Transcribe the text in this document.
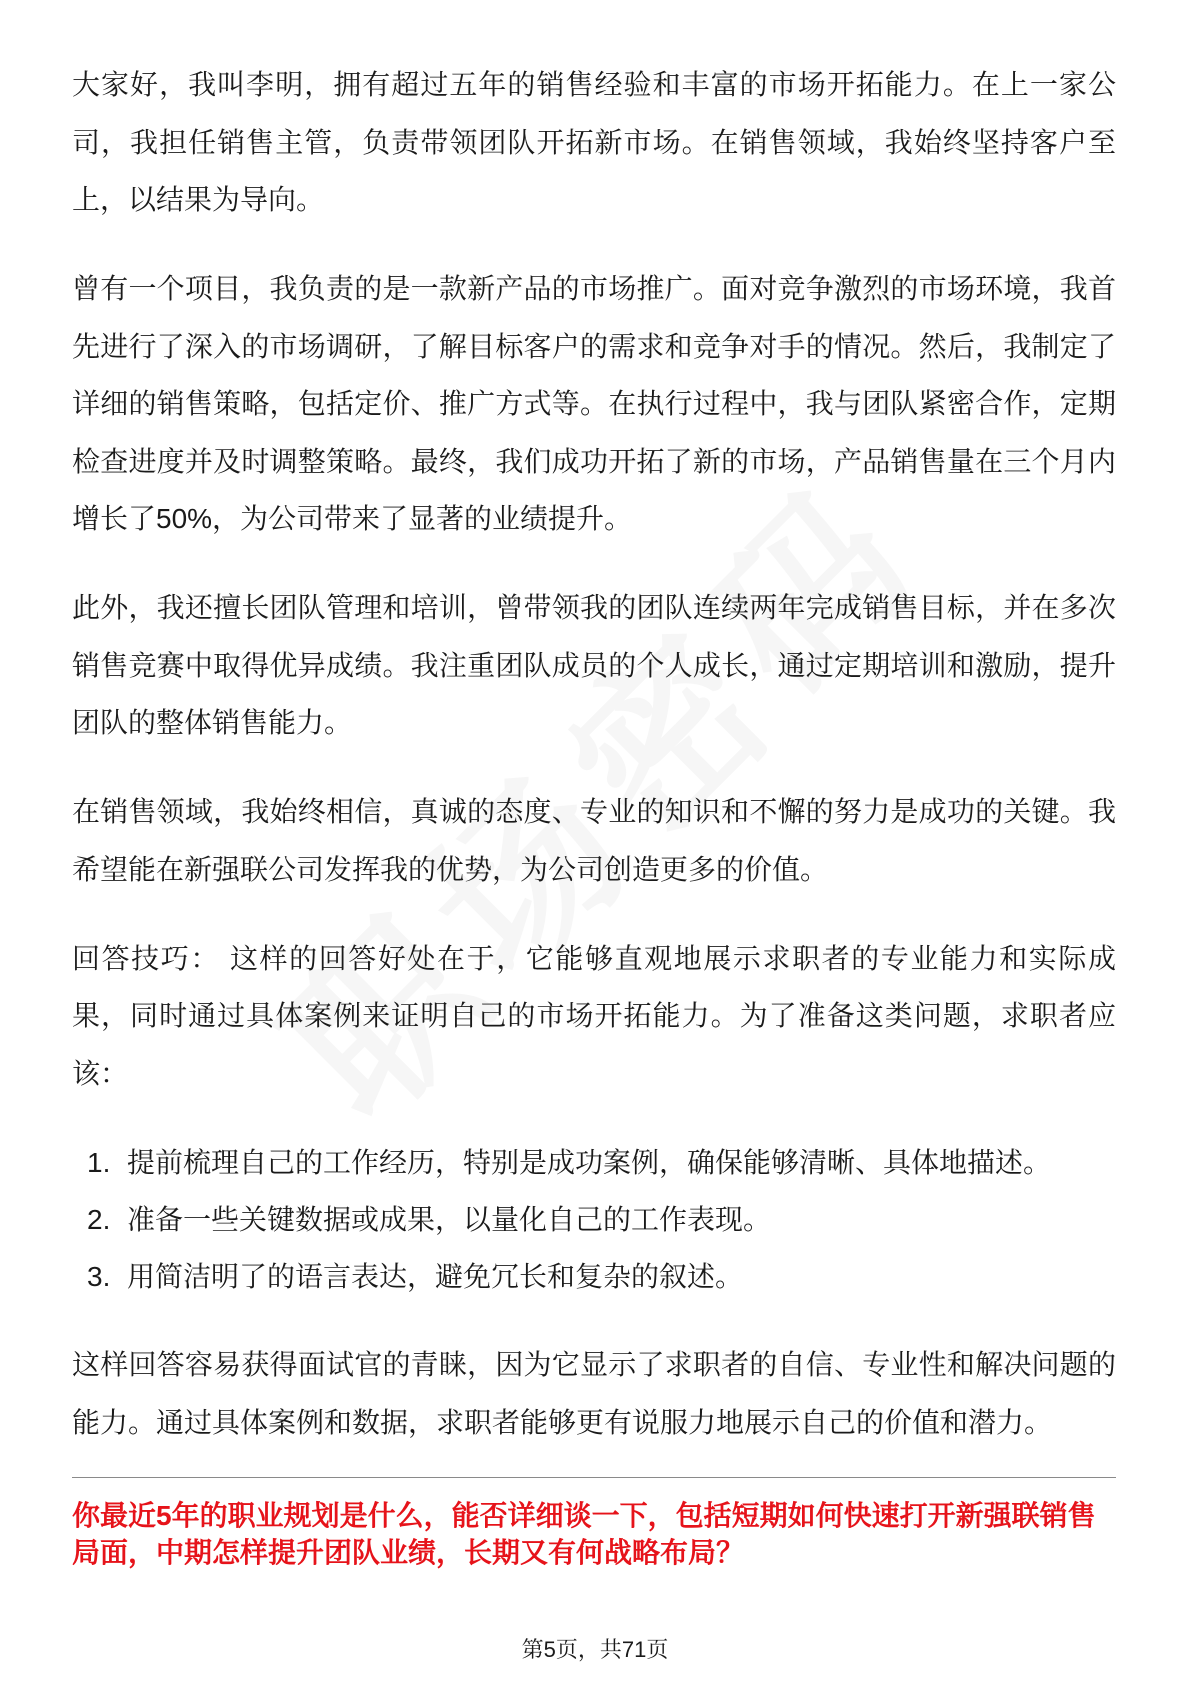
大家好，我叫李明，拥有超过五年的销售经验和丰富的市场开拓能力。在上一家公司，我担任销售主管，负责带领团队开拓新市场。在销售领域，我始终坚持客户至上，以结果为导向。

曾有一个项目，我负责的是一款新产品的市场推广。面对竞争激烈的市场环境，我首先进行了深入的市场调研，了解目标客户的需求和竞争对手的情况。然后，我制定了详细的销售策略，包括定价、推广方式等。在执行过程中，我与团队紧密合作，定期检查进度并及时调整策略。最终，我们成功开拓了新的市场，产品销售量在三个月内增长了50%，为公司带来了显著的业绩提升。

此外，我还擅长团队管理和培训，曾带领我的团队连续两年完成销售目标，并在多次销售竞赛中取得优异成绩。我注重团队成员的个人成长，通过定期培训和激励，提升团队的整体销售能力。

在销售领域，我始终相信，真诚的态度、专业的知识和不懈的努力是成功的关键。我希望能在新强联公司发挥我的优势，为公司创造更多的价值。

回答技巧： 这样的回答好处在于，它能够直观地展示求职者的专业能力和实际成果，同时通过具体案例来证明自己的市场开拓能力。为了准备这类问题，求职者应该：

1. 提前梳理自己的工作经历，特别是成功案例，确保能够清晰、具体地描述。
2. 准备一些关键数据或成果，以量化自己的工作表现。
3. 用简洁明了的语言表达，避免冗长和复杂的叙述。

这样回答容易获得面试官的青睐，因为它显示了求职者的自信、专业性和解决问题的能力。通过具体案例和数据，求职者能够更有说服力地展示自己的价值和潜力。

你最近5年的职业规划是什么，能否详细谈一下，包括短期如何快速打开新强联销售局面，中期怎样提升团队业绩，长期又有何战略布局？

第5页，共71页
